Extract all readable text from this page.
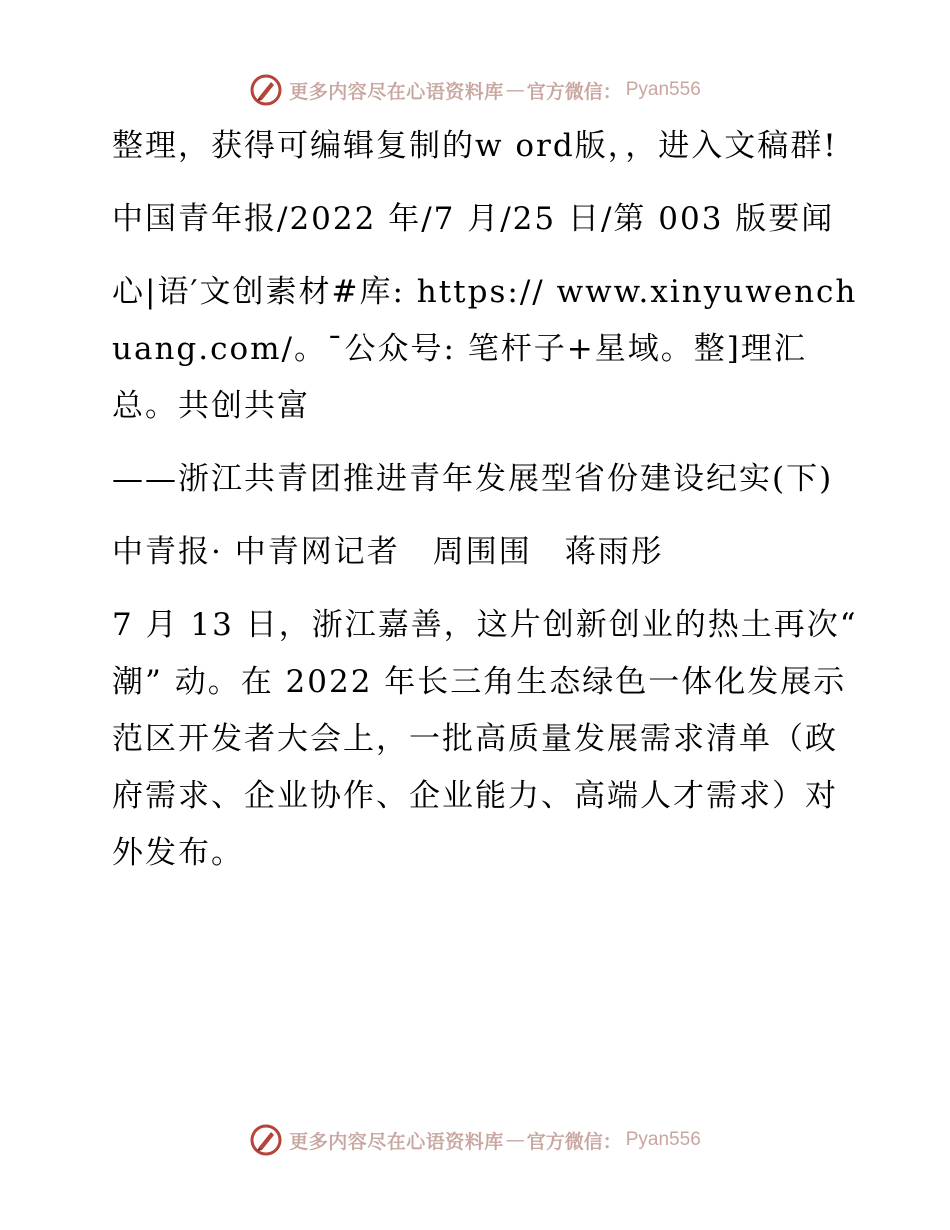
更多内容尽在心语资料库 — 官方微信： Pyan556

整理，获得可编辑复制的w ord版，，进入文稿群!

中国青年报/2022 年/7 月/25 日/第 003 版要闻

心|语′文创素材#库: https:// www.xinyuwenchuang.com/。¯公众号: 笔杆子+星域。整]理汇总。共创共富

——浙江共青团推进青年发展型省份建设纪实(下)

中青报· 中青网记者　周围围　蒋雨彤

7 月 13 日，浙江嘉善，这片创新创业的热土再次“ 潮” 动。在 2022 年长三角生态绿色一体化发展示范区开发者大会上，一批高质量发展需求清单（政府需求、企业协作、企业能力、高端人才需求）对外发布。

更多内容尽在心语资料库 — 官方微信： Pyan556
